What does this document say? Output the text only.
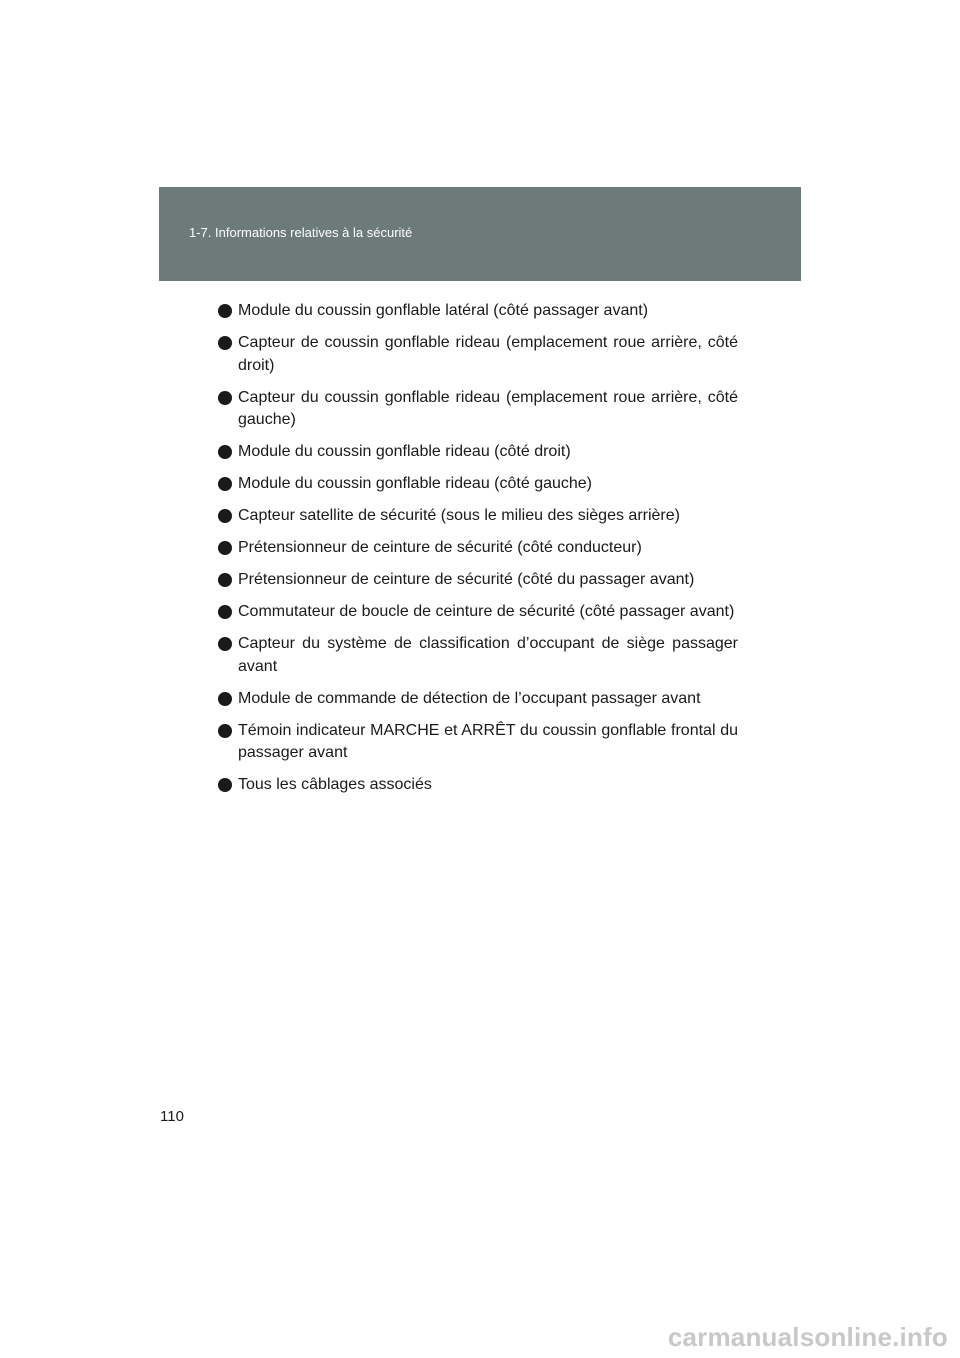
1-7. Informations relatives à la sécurité
Module du coussin gonflable latéral (côté passager avant)
Capteur de coussin gonflable rideau (emplacement roue arrière, côté droit)
Capteur du coussin gonflable rideau (emplacement roue arrière, côté gauche)
Module du coussin gonflable rideau (côté droit)
Module du coussin gonflable rideau (côté gauche)
Capteur satellite de sécurité (sous le milieu des sièges arrière)
Prétensionneur de ceinture de sécurité (côté conducteur)
Prétensionneur de ceinture de sécurité (côté du passager avant)
Commutateur de boucle de ceinture de sécurité (côté passager avant)
Capteur du système de classification d’occupant de siège passager avant
Module de commande de détection de l’occupant passager avant
Témoin indicateur MARCHE et ARRÊT du coussin gonflable frontal du passager avant
Tous les câblages associés
110
carmanualsonline.info
